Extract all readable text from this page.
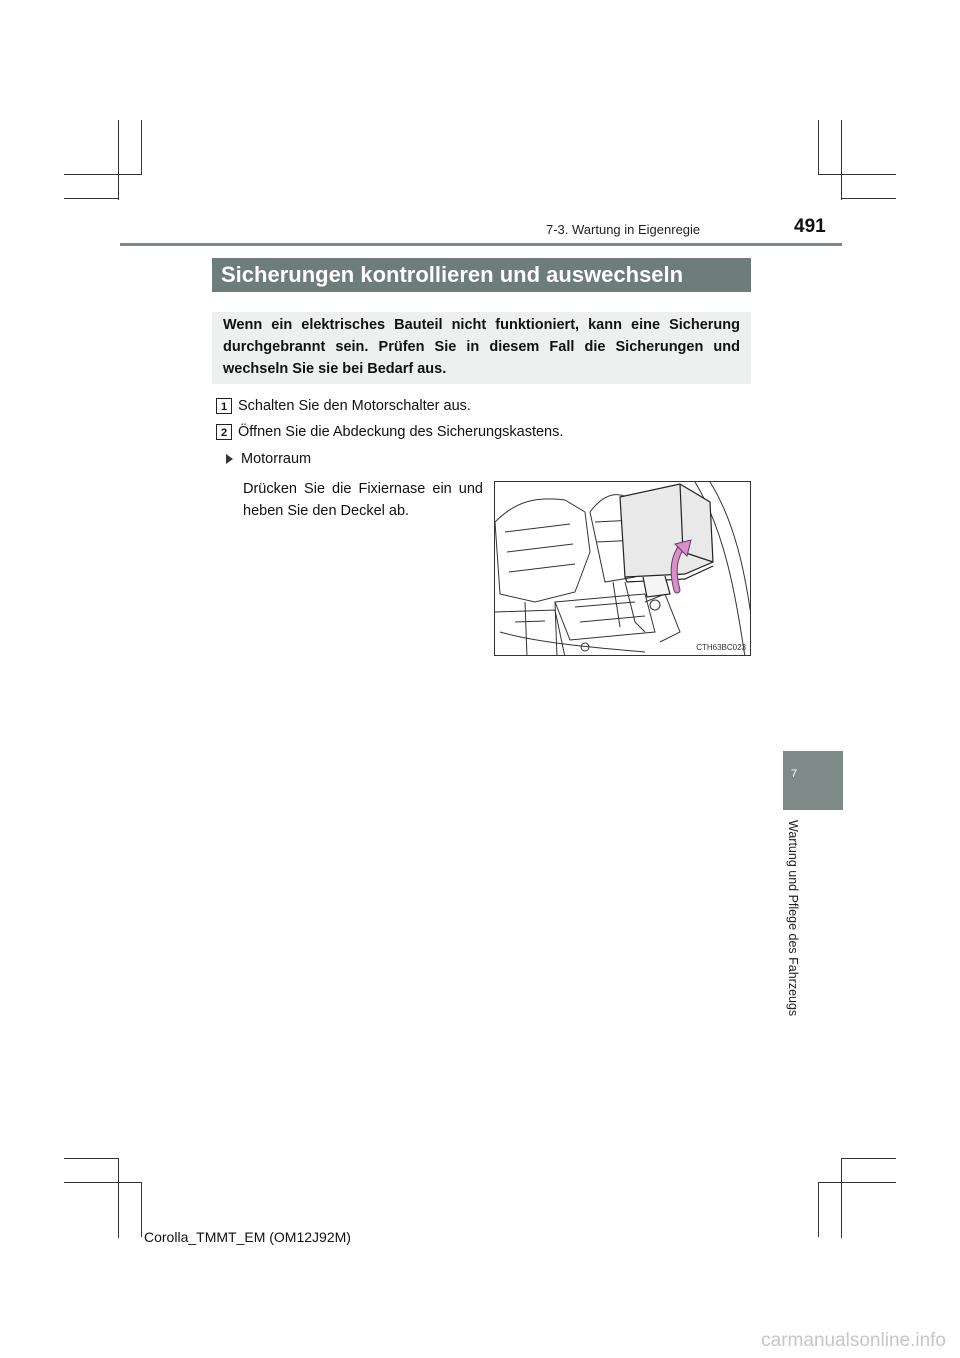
7-3. Wartung in Eigenregie	491
Sicherungen kontrollieren und auswechseln
Wenn ein elektrisches Bauteil nicht funktioniert, kann eine Sicherung durchgebrannt sein. Prüfen Sie in diesem Fall die Sicherungen und wechseln Sie sie bei Bedarf aus.
1 Schalten Sie den Motorschalter aus.
2 Öffnen Sie die Abdeckung des Sicherungskastens.
Motorraum
Drücken Sie die Fixiernase ein und heben Sie den Deckel ab.
CTH63BC023
7
Wartung und Pflege des Fahrzeugs
Corolla_TMMT_EM (OM12J92M)
carmanualsonline.info
